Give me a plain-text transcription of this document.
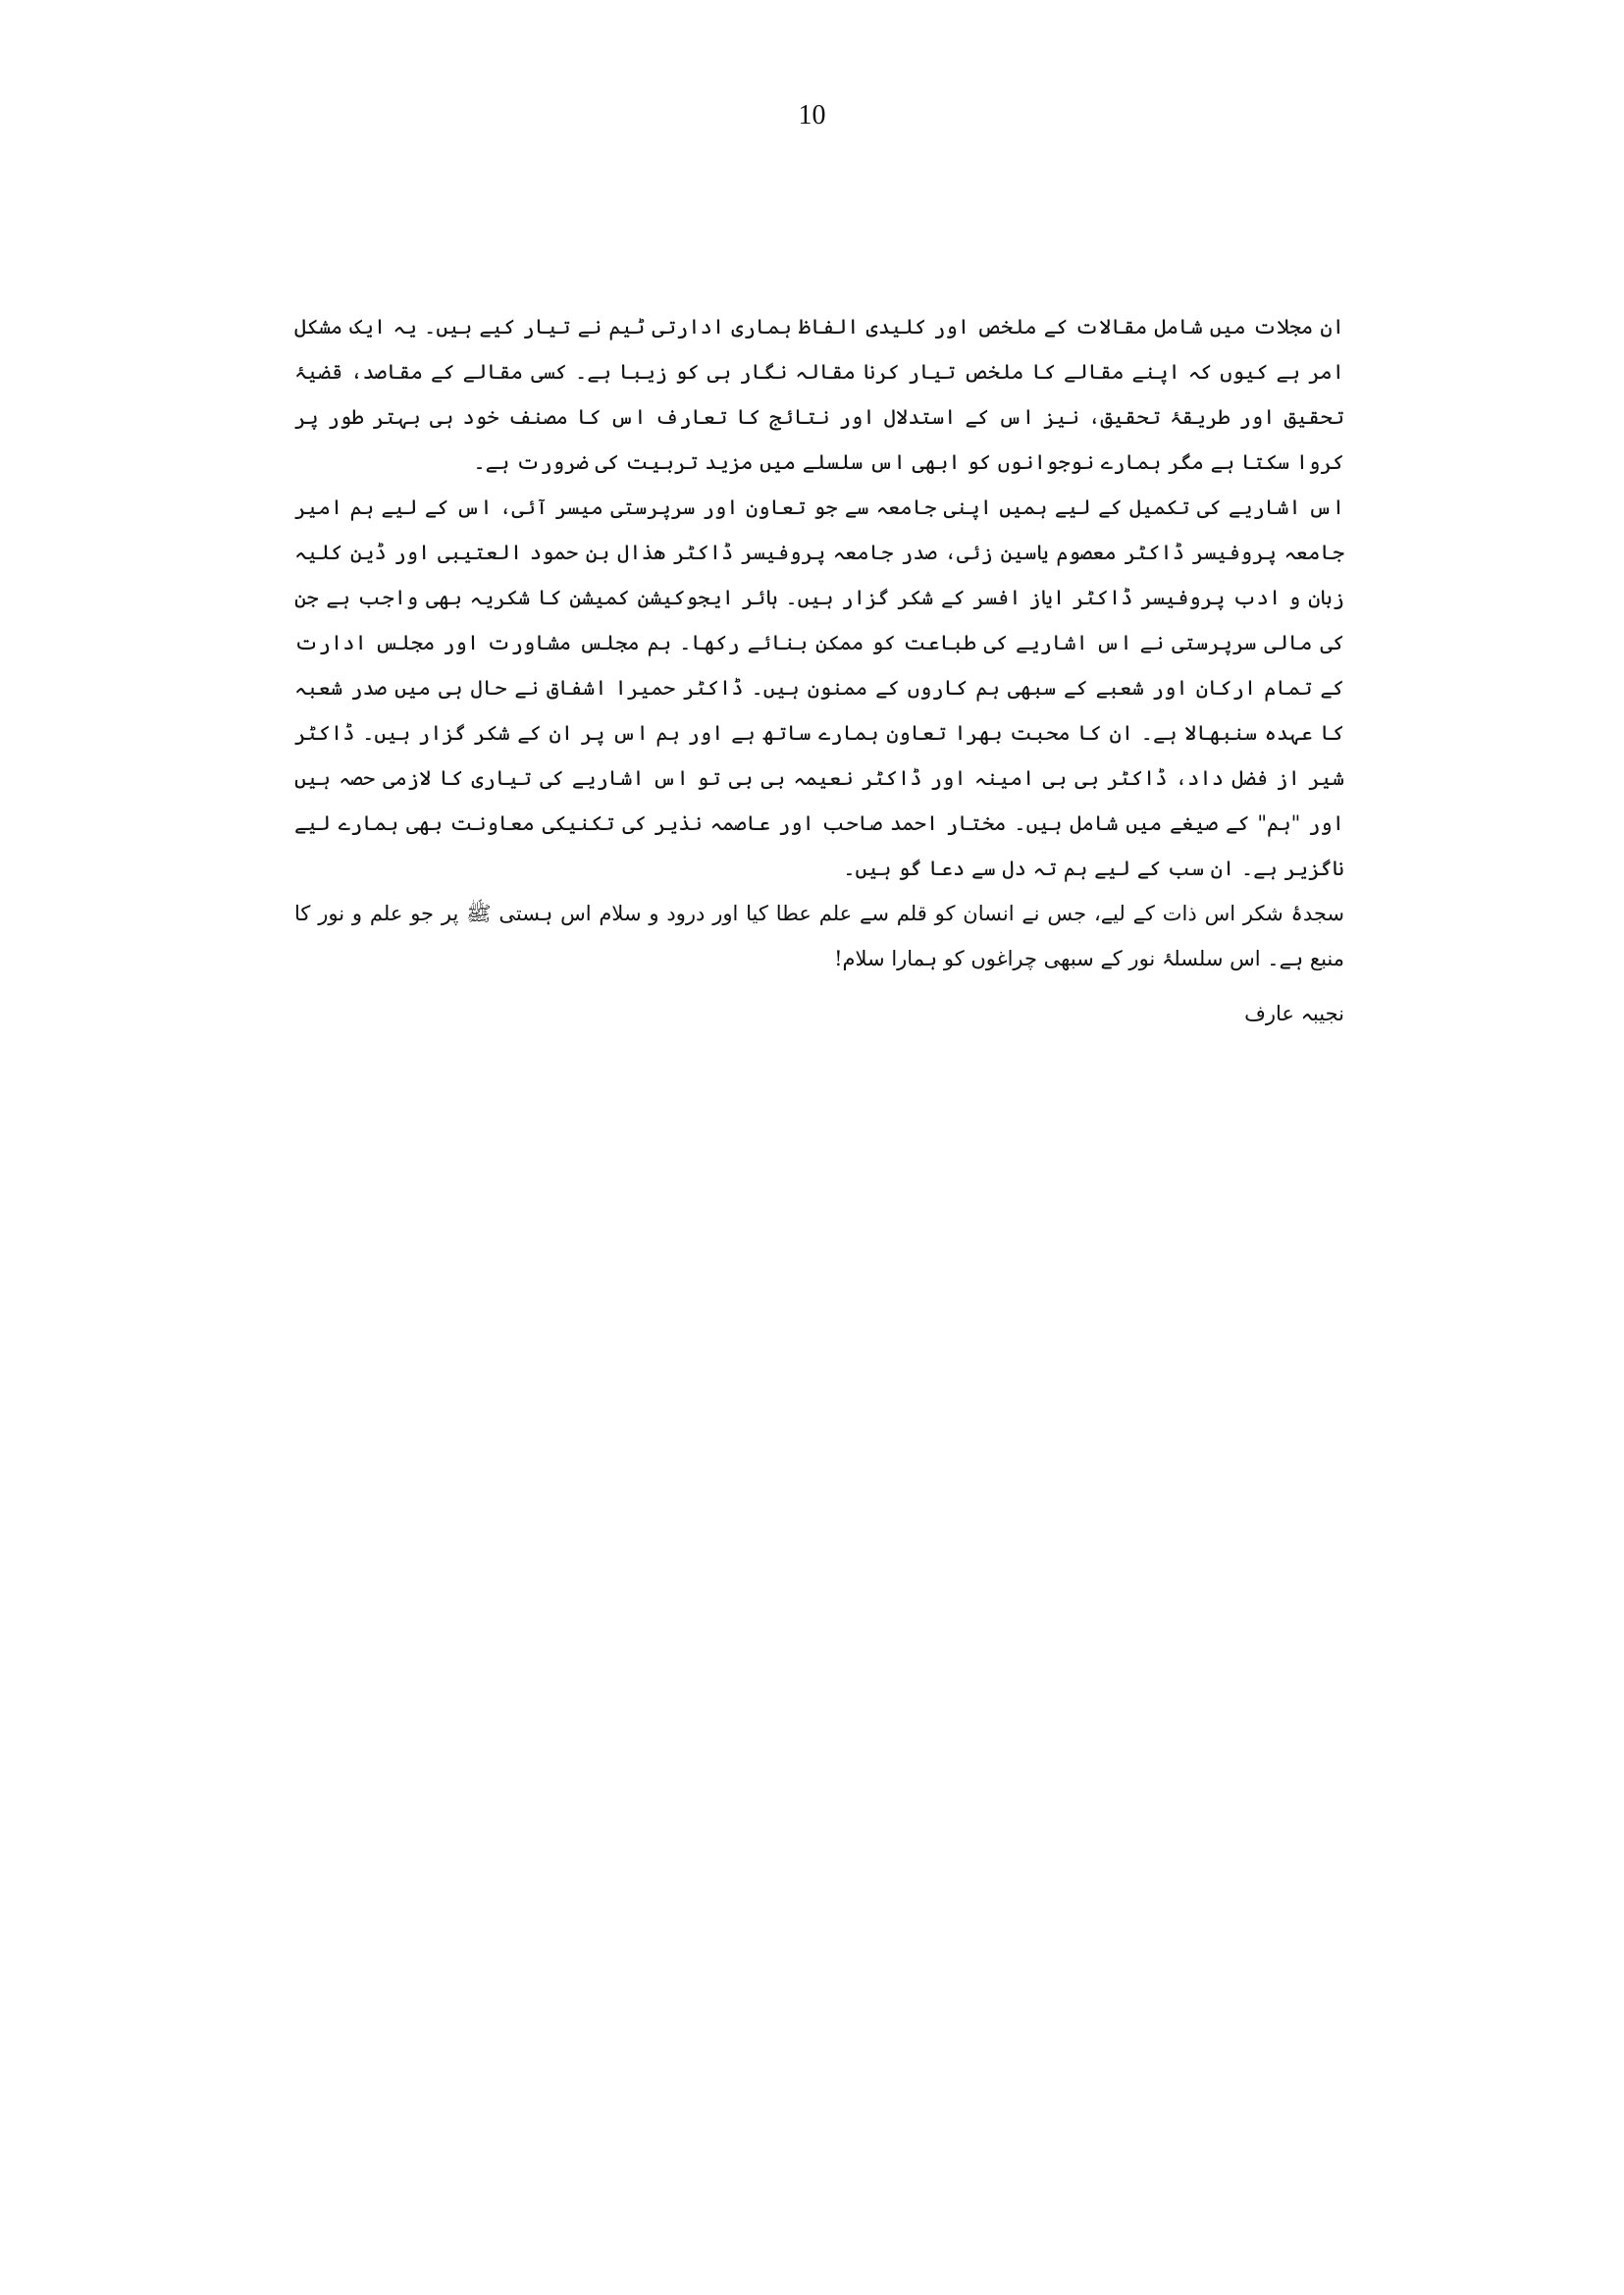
10

ان مجلات میں شامل مقالات کے ملخص اور کلیدی الفاظ ہماری ادارتی ٹیم نے تیار کیے ہیں۔ یہ ایک مشکل امر ہے کیوں کہ اپنے مقالے کا ملخص تیار کرنا مقالہ نگار ہی کو زیبا ہے۔ کسی مقالے کے مقاصد، قضیۂ تحقیق اور طریقۂ تحقیق، نیز اس کے استدلال اور نتائج کا تعارف اس کا مصنف خود ہی بہتر طور پر کروا سکتا ہے مگر ہمارے نوجوانوں کو ابھی اس سلسلے میں مزید تربیت کی ضرورت ہے۔

اس اشاریے کی تکمیل کے لیے ہمیں اپنی جامعہ سے جو تعاون اور سرپرستی میسر آئی، اس کے لیے ہم امیر جامعہ پروفیسر ڈاکٹر معصوم یاسین زئی، صدر جامعہ پروفیسر ڈاکٹر ھذال بن حمود العتیبی اور ڈین کلیہ زبان و ادب پروفیسر ڈاکٹر ایاز افسر کے شکر گزار ہیں۔ ہائر ایجوکیشن کمیشن کا شکریہ بھی واجب ہے جن کی مالی سرپرستی نے اس اشاریے کی طباعت کو ممکن بنائے رکھا۔ ہم مجلس مشاورت اور مجلس ادارت کے تمام ارکان اور شعبے کے سبھی ہم کاروں کے ممنون ہیں۔ ڈاکٹر حمیرا اشفاق نے حال ہی میں صدر شعبہ کا عہدہ سنبھالا ہے۔ ان کا محبت بھرا تعاون ہمارے ساتھ ہے اور ہم اس پر ان کے شکر گزار ہیں۔ ڈاکٹر شیر از فضل داد، ڈاکٹر بی بی امینہ اور ڈاکٹر نعیمہ بی بی تو اس اشاریے کی تیاری کا لازمی حصہ ہیں اور "ہم" کے صیغے میں شامل ہیں۔ مختار احمد صاحب اور عاصمہ نذیر کی تکنیکی معاونت بھی ہمارے لیے ناگزیر ہے۔ ان سب کے لیے ہم تہ دل سے دعا گو ہیں۔

سجدۂ شکر اس ذات کے لیے، جس نے انسان کو قلم سے علم عطا کیا اور درود و سلام اس ہستی ﷺ پر جو علم و نور کا منبع ہے۔ اس سلسلۂ نور کے سبھی چراغوں کو ہمارا سلام!

نجیبہ عارف
